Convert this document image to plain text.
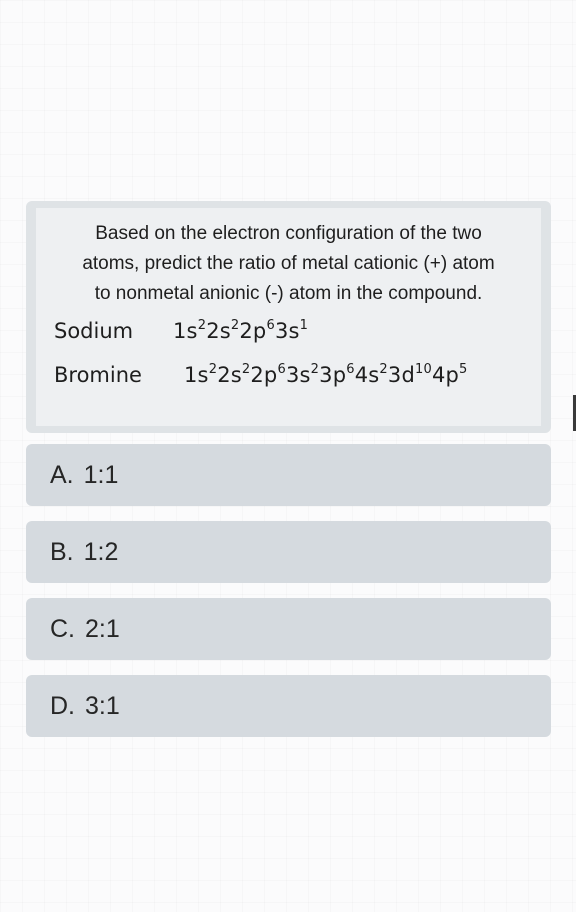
Based on the electron configuration of the two
atoms, predict the ratio of metal cationic (+) atom
to nonmetal anionic (-) atom in the compound.
Sodium	$1s^22s^22p^63s^1$
Bromine	$1s^22s^22p^63s^23p^64s^23d^{10}4p^5$
A. 1:1
B. 1:2
C. 2:1
D. 3:1
